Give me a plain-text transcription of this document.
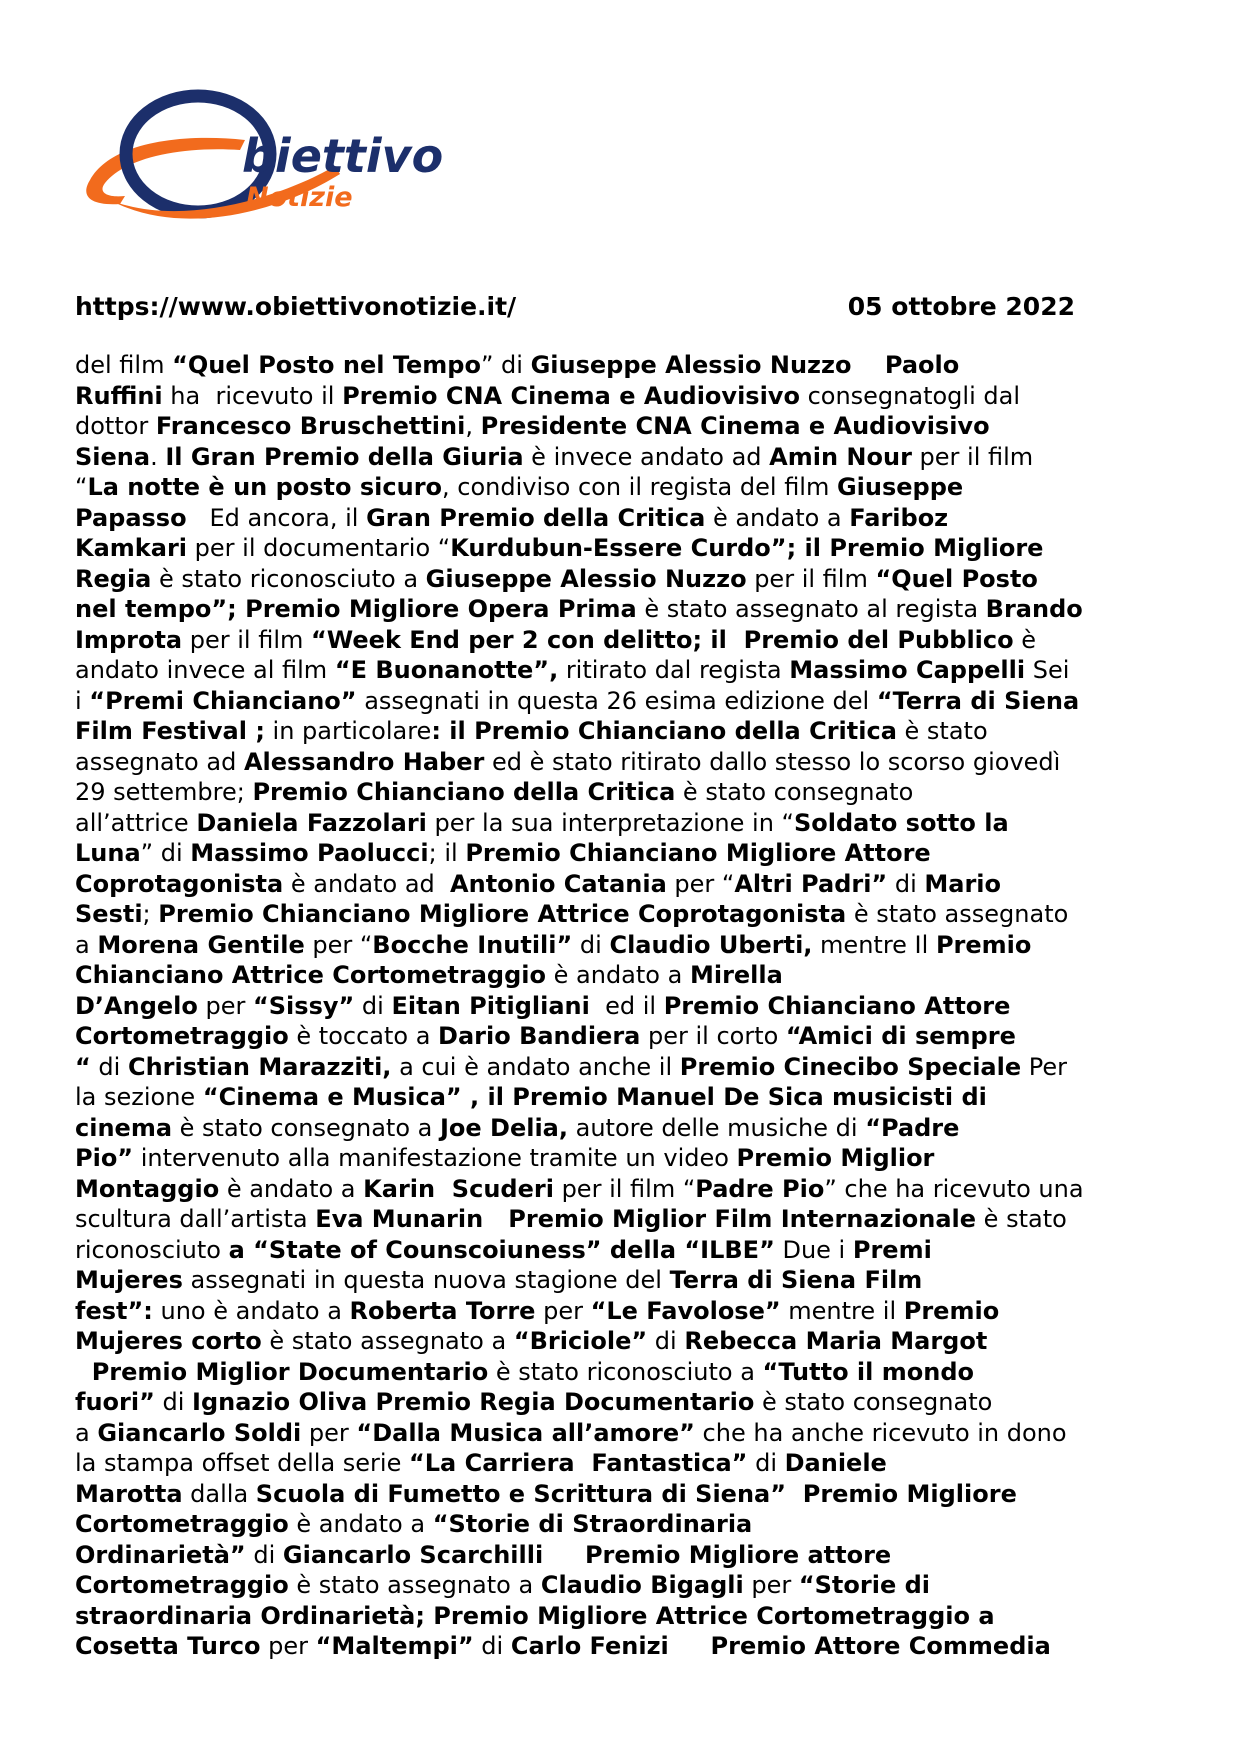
biettivo
Notizie
https://www.obiettivonotizie.it/	05 ottobre 2022

del film “Quel Posto nel Tempo” di Giuseppe Alessio Nuzzo    Paolo

Ruffini ha  ricevuto il Premio CNA Cinema e Audiovisivo consegnatogli dal

dottor Francesco Bruschettini, Presidente CNA Cinema e Audiovisivo

Siena. Il Gran Premio della Giuria è invece andato ad Amin Nour per il film

“La notte è un posto sicuro, condiviso con il regista del film Giuseppe

Papasso   Ed ancora, il Gran Premio della Critica è andato a Fariboz

Kamkari per il documentario “Kurdubun-Essere Curdo”; il Premio Migliore

Regia è stato riconosciuto a Giuseppe Alessio Nuzzo per il film “Quel Posto

nel tempo”; Premio Migliore Opera Prima è stato assegnato al regista Brando

Improta per il film “Week End per 2 con delitto; il  Premio del Pubblico è

andato invece al film “E Buonanotte”, ritirato dal regista Massimo Cappelli Sei

i “Premi Chianciano” assegnati in questa 26 esima edizione del “Terra di Siena

Film Festival ; in particolare: il Premio Chianciano della Critica è stato

assegnato ad Alessandro Haber ed è stato ritirato dallo stesso lo scorso giovedì

29 settembre; Premio Chianciano della Critica è stato consegnato

all’attrice Daniela Fazzolari per la sua interpretazione in “Soldato sotto la

Luna” di Massimo Paolucci; il Premio Chianciano Migliore Attore

Coprotagonista è andato ad  Antonio Catania per “Altri Padri” di Mario

Sesti; Premio Chianciano Migliore Attrice Coprotagonista è stato assegnato

a Morena Gentile per “Bocche Inutili” di Claudio Uberti, mentre Il Premio

Chianciano Attrice Cortometraggio è andato a Mirella

D’Angelo per “Sissy” di Eitan Pitigliani  ed il Premio Chianciano Attore

Cortometraggio è toccato a Dario Bandiera per il corto “Amici di sempre

“ di Christian Marazziti, a cui è andato anche il Premio Cinecibo Speciale Per

la sezione “Cinema e Musica” , il Premio Manuel De Sica musicisti di

cinema è stato consegnato a Joe Delia, autore delle musiche di “Padre

Pio” intervenuto alla manifestazione tramite un video Premio Miglior

Montaggio è andato a Karin  Scuderi per il film “Padre Pio” che ha ricevuto una

scultura dall’artista Eva Munarin   Premio Miglior Film Internazionale è stato

riconosciuto a “State of Counscoiuness” della “ILBE” Due i Premi

Mujeres assegnati in questa nuova stagione del Terra di Siena Film

fest”: uno è andato a Roberta Torre per “Le Favolose” mentre il Premio

Mujeres corto è stato assegnato a “Briciole” di Rebecca Maria Margot

Premio Miglior Documentario è stato riconosciuto a “Tutto il mondo

fuori” di Ignazio Oliva Premio Regia Documentario è stato consegnato

a Giancarlo Soldi per “Dalla Musica all’amore” che ha anche ricevuto in dono

la stampa offset della serie “La Carriera  Fantastica” di Daniele

Marotta dalla Scuola di Fumetto e Scrittura di Siena”  Premio Migliore

Cortometraggio è andato a “Storie di Straordinaria

Ordinarietà” di Giancarlo Scarchilli     Premio Migliore attore

Cortometraggio è stato assegnato a Claudio Bigagli per “Storie di

straordinaria Ordinarietà; Premio Migliore Attrice Cortometraggio a

Cosetta Turco per “Maltempi” di Carlo Fenizi     Premio Attore Commedia
